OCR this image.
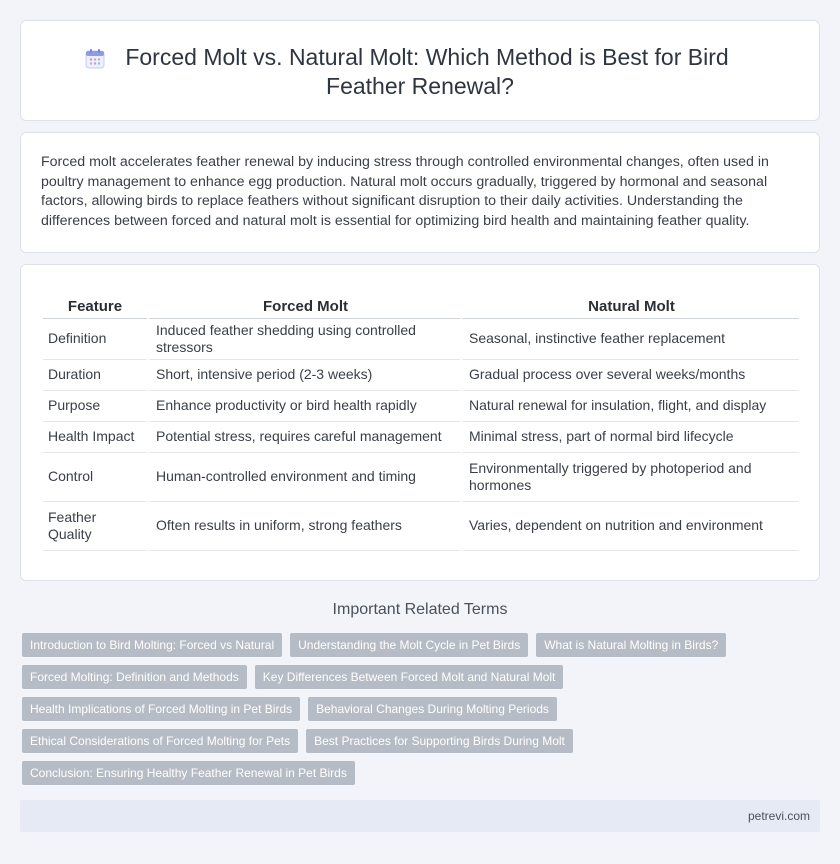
Forced Molt vs. Natural Molt: Which Method is Best for Bird Feather Renewal?

Forced molt accelerates feather renewal by inducing stress through controlled environmental changes, often used in poultry management to enhance egg production. Natural molt occurs gradually, triggered by hormonal and seasonal factors, allowing birds to replace feathers without significant disruption to their daily activities. Understanding the differences between forced and natural molt is essential for optimizing bird health and maintaining feather quality.

Feature	Forced Molt	Natural Molt
Definition	Induced feather shedding using controlled stressors	Seasonal, instinctive feather replacement
Duration	Short, intensive period (2-3 weeks)	Gradual process over several weeks/months
Purpose	Enhance productivity or bird health rapidly	Natural renewal for insulation, flight, and display
Health Impact	Potential stress, requires careful management	Minimal stress, part of normal bird lifecycle
Control	Human-controlled environment and timing	Environmentally triggered by photoperiod and hormones
Feather Quality	Often results in uniform, strong feathers	Varies, dependent on nutrition and environment
Important Related Terms
Introduction to Bird Molting: Forced vs Natural	Understanding the Molt Cycle in Pet Birds	What is Natural Molting in Birds?
Forced Molting: Definition and Methods	Key Differences Between Forced Molt and Natural Molt
Health Implications of Forced Molting in Pet Birds	Behavioral Changes During Molting Periods
Ethical Considerations of Forced Molting for Pets	Best Practices for Supporting Birds During Molt
Conclusion: Ensuring Healthy Feather Renewal in Pet Birds
petrevi.com
